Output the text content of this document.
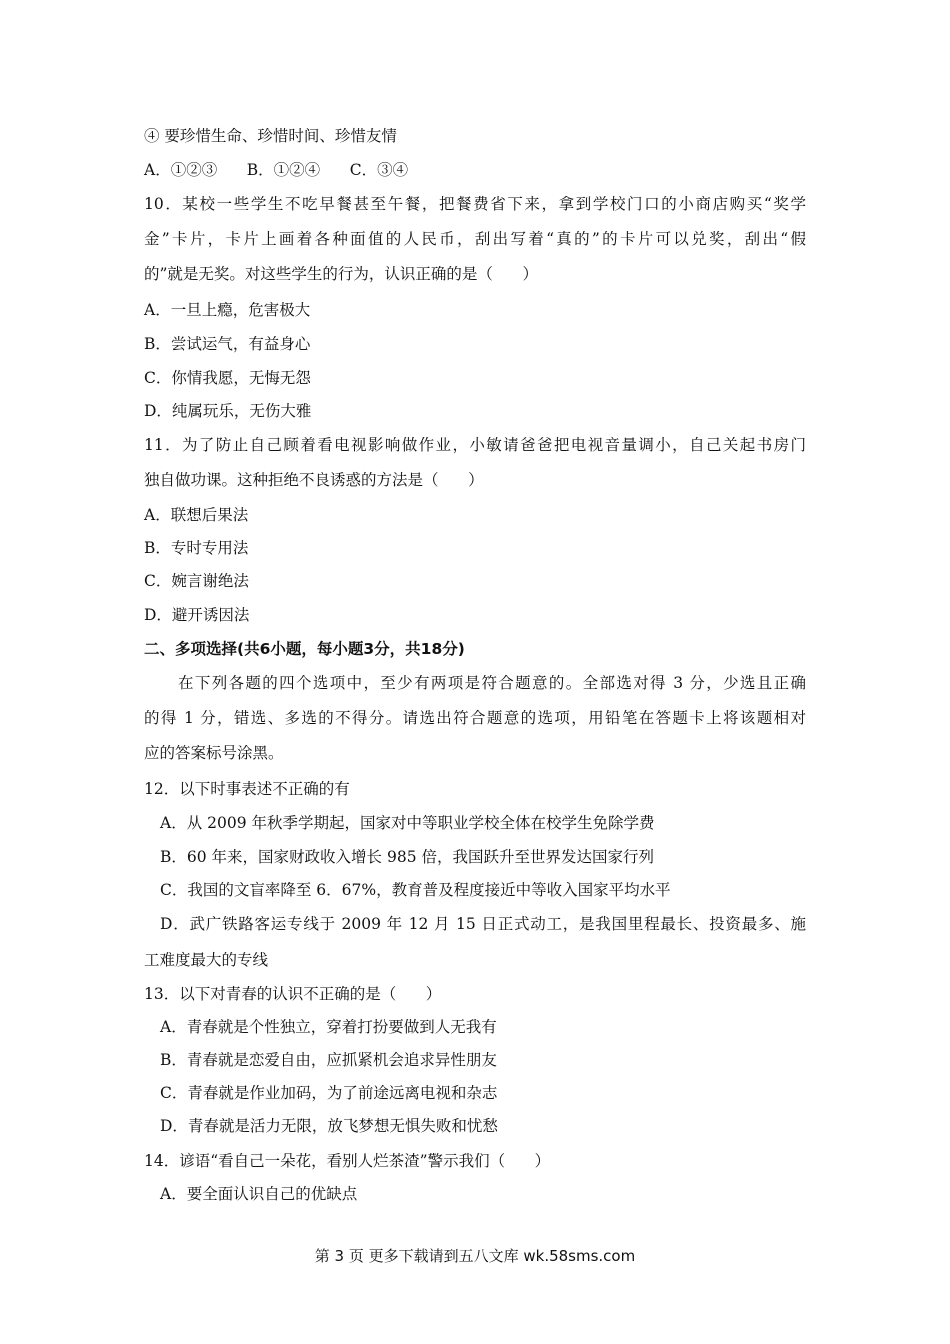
④ 要珍惜生命、珍惜时间、珍惜友情
A．①②③      B．①②④      C．③④
10．某校一些学生不吃早餐甚至午餐，把餐费省下来，拿到学校门口的小商店购买“奖学
金”卡片，卡片上画着各种面值的人民币，刮出写着“真的”的卡片可以兑奖，刮出“假
的”就是无奖。对这些学生的行为，认识正确的是（      ）
A．一旦上瘾，危害极大
B．尝试运气，有益身心
C．你情我愿，无悔无怨
D．纯属玩乐，无伤大雅
11．为了防止自己顾着看电视影响做作业，小敏请爸爸把电视音量调小，自己关起书房门
独自做功课。这种拒绝不良诱惑的方法是（      ）
A．联想后果法
B．专时专用法
C．婉言谢绝法
D．避开诱因法
二、多项选择(共6小题，每小题3分，共18分)
在下列各题的四个选项中，至少有两项是符合题意的。全部选对得 3 分，少选且正确
的得 1 分，错选、多选的不得分。请选出符合题意的选项，用铅笔在答题卡上将该题相对
应的答案标号涂黑。
12．以下时事表述不正确的有
A．从 2009 年秋季学期起，国家对中等职业学校全体在校学生免除学费
B．60 年来，国家财政收入增长 985 倍，我国跃升至世界发达国家行列
C．我国的文盲率降至 6．67%，教育普及程度接近中等收入国家平均水平
D．武广铁路客运专线于 2009 年 12 月 15 日正式动工，是我国里程最长、投资最多、施
工难度最大的专线
13．以下对青春的认识不正确的是（      ）
A．青春就是个性独立，穿着打扮要做到人无我有
B．青春就是恋爱自由，应抓紧机会追求异性朋友
C．青春就是作业加码，为了前途远离电视和杂志
D．青春就是活力无限，放飞梦想无惧失败和忧愁
14．谚语“看自己一朵花，看别人烂茶渣”警示我们（      ）
A．要全面认识自己的优缺点
第 3 页 更多下载请到五八文库 wk.58sms.com
